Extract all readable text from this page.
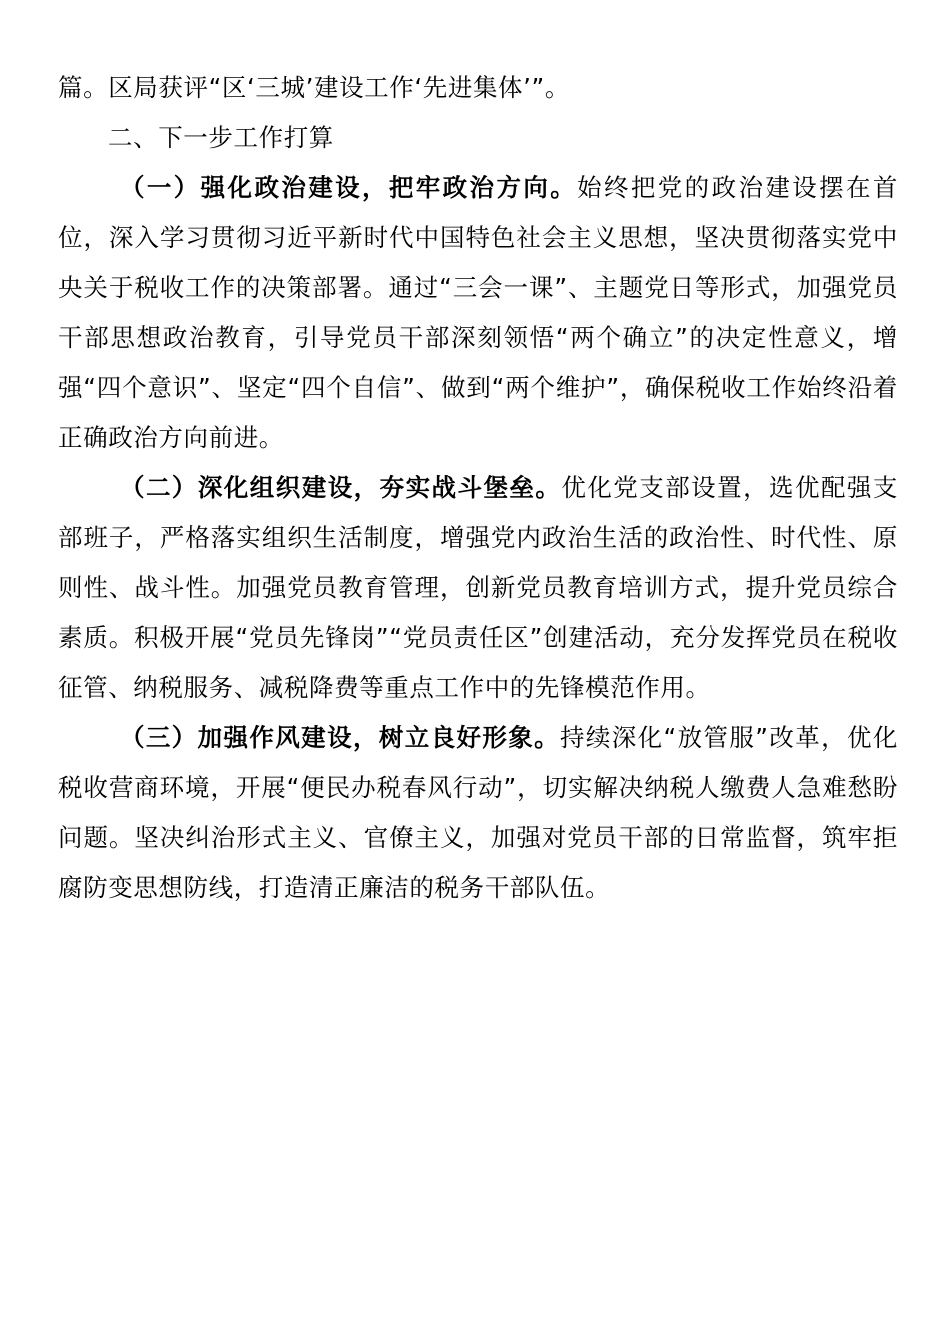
篇。区局获评“区‘三城’建设工作‘先进集体’”。

二、下一步工作打算

（一）强化政治建设，把牢政治方向。始终把党的政治建设摆在首位，深入学习贯彻习近平新时代中国特色社会主义思想，坚决贯彻落实党中央关于税收工作的决策部署。通过“三会一课”、主题党日等形式，加强党员干部思想政治教育，引导党员干部深刻领悟“两个确立”的决定性意义，增强“四个意识”、坚定“四个自信”、做到“两个维护”，确保税收工作始终沿着正确政治方向前进。

（二）深化组织建设，夯实战斗堡垒。优化党支部设置，选优配强支部班子，严格落实组织生活制度，增强党内政治生活的政治性、时代性、原则性、战斗性。加强党员教育管理，创新党员教育培训方式，提升党员综合素质。积极开展“党员先锋岗”“党员责任区”创建活动，充分发挥党员在税收征管、纳税服务、减税降费等重点工作中的先锋模范作用。

（三）加强作风建设，树立良好形象。持续深化“放管服”改革，优化税收营商环境，开展“便民办税春风行动”，切实解决纳税人缴费人急难愁盼问题。坚决纠治形式主义、官僚主义，加强对党员干部的日常监督，筑牢拒腐防变思想防线，打造清正廉洁的税务干部队伍。
